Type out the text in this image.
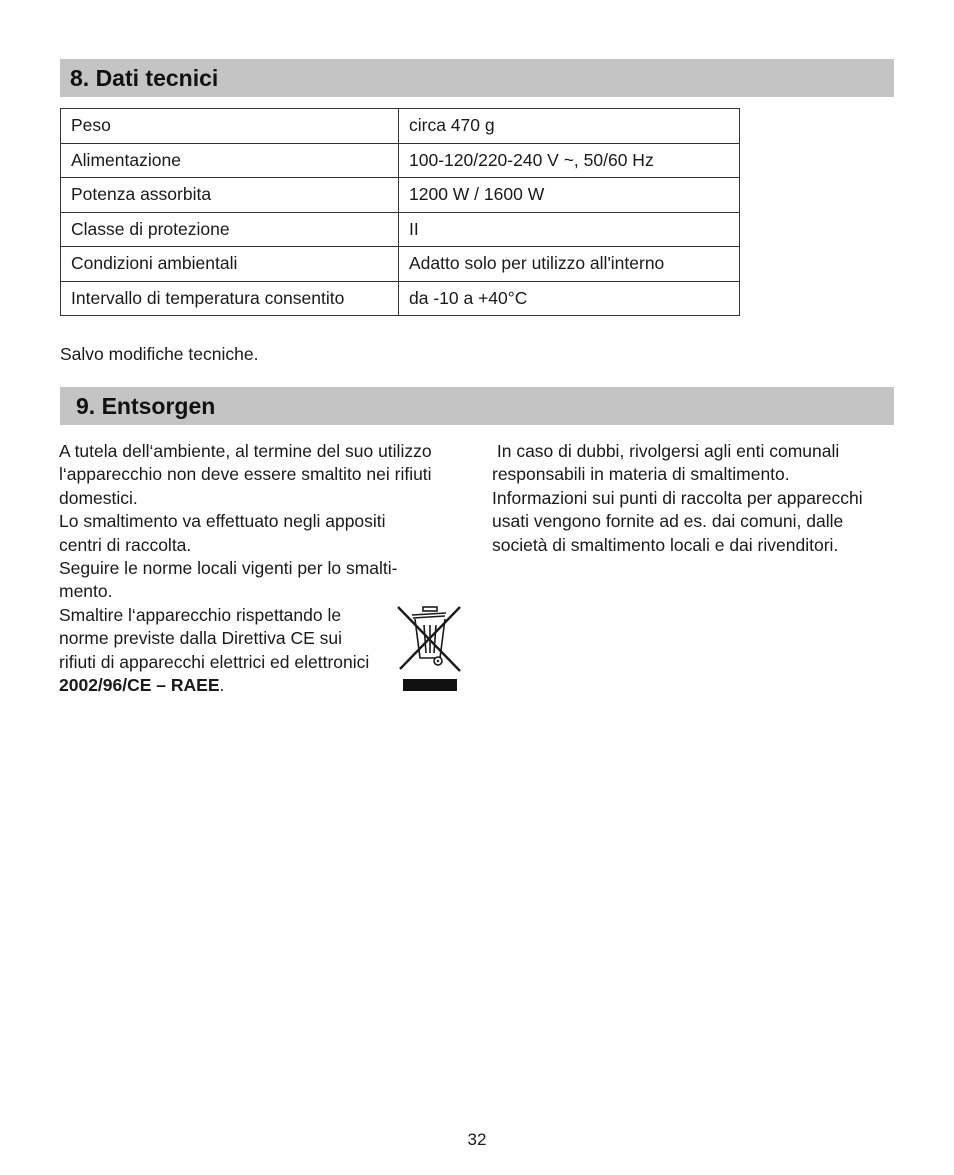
8. Dati tecnici
Peso	circa 470 g
Alimentazione	100-120/220-240 V ~, 50/60 Hz
Potenza assorbita	1200 W / 1600 W
Classe di protezione	II
Condizioni ambientali	Adatto solo per utilizzo all'interno
Intervallo di temperatura consentito	da -10 a +40°C
Salvo modifiche tecniche.
9. Entsorgen

A tutela dell‘ambiente, al termine del suo utilizzo

l‘apparecchio non deve essere smaltito nei rifiuti

domestici.

Lo smaltimento va effettuato negli appositi

centri di raccolta.

Seguire le norme locali vigenti per lo smalti-

mento.

Smaltire l‘apparecchio rispettando le

norme previste dalla Direttiva CE sui

rifiuti di apparecchi elettrici ed elettronici

2002/96/CE – RAEE.

In caso di dubbi, rivolgersi agli enti comunali

responsabili in materia di smaltimento.

Informazioni sui punti di raccolta per apparecchi

usati vengono fornite ad es. dai comuni, dalle

società di smaltimento locali e dai rivenditori.

32
